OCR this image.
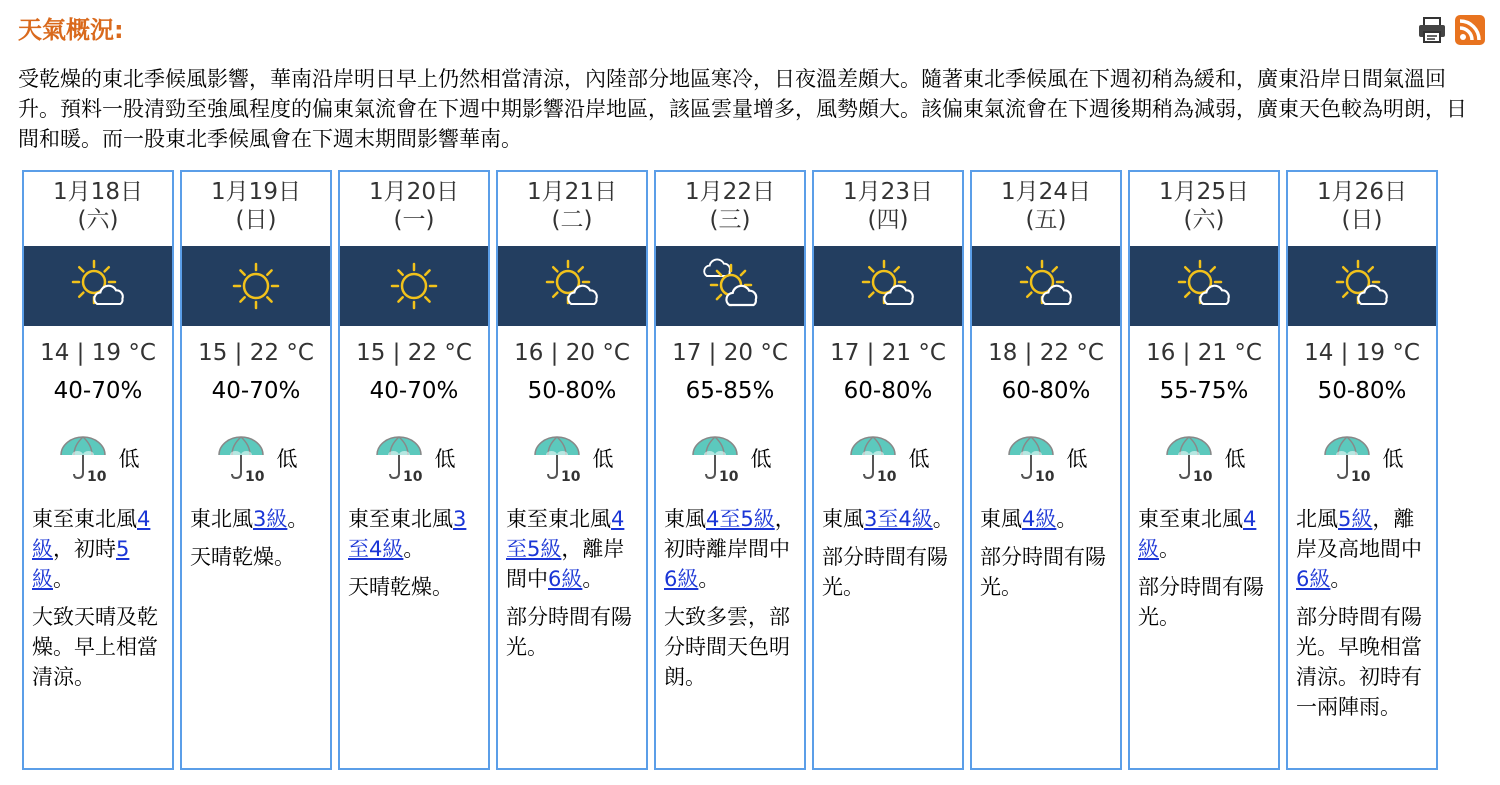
天氣概況:
受乾燥的東北季候風影響，華南沿岸明日早上仍然相當清涼，內陸部分地區寒冷，日夜溫差頗大。隨著東北季候風在下週初稍為緩和，廣東沿岸日間氣溫回升。預料一股清勁至強風程度的偏東氣流會在下週中期影響沿岸地區，該區雲量增多，風勢頗大。該偏東氣流會在下週後期稍為減弱，廣東天色較為明朗，日間和暖。而一股東北季候風會在下週末期間影響華南。
1月18日
(六)
14 | 19 °C
40-70%
10
低
東至東北風4級，初時5級。
大致天晴及乾燥。早上相當清涼。
1月19日
(日)
15 | 22 °C
40-70%
10
低
東北風3級。
天晴乾燥。
1月20日
(一)
15 | 22 °C
40-70%
10
低
東至東北風3至4級。
天晴乾燥。
1月21日
(二)
16 | 20 °C
50-80%
10
低
東至東北風4至5級，離岸間中6級。
部分時間有陽光。
1月22日
(三)
17 | 20 °C
65-85%
10
低
東風4至5級，初時離岸間中6級。
大致多雲，部分時間天色明朗。
1月23日
(四)
17 | 21 °C
60-80%
10
低
東風3至4級。
部分時間有陽光。
1月24日
(五)
18 | 22 °C
60-80%
10
低
東風4級。
部分時間有陽光。
1月25日
(六)
16 | 21 °C
55-75%
10
低
東至東北風4級。
部分時間有陽光。
1月26日
(日)
14 | 19 °C
50-80%
10
低
北風5級，離岸及高地間中6級。
部分時間有陽光。早晚相當清涼。初時有一兩陣雨。
